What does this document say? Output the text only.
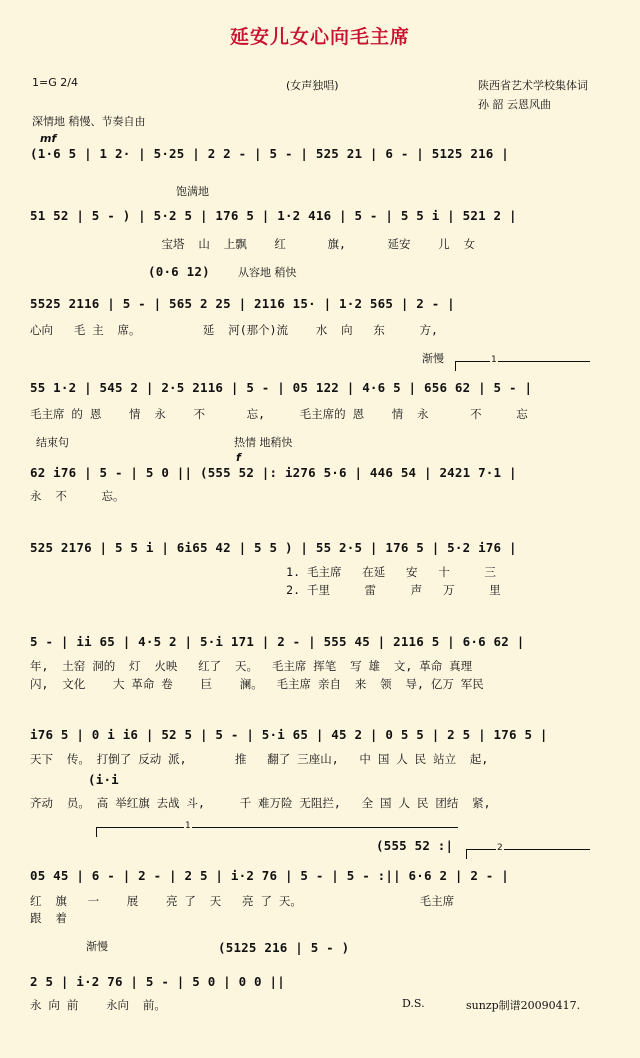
延安儿女心向毛主席
1=G 2/4	(女声独唱)	陕西省艺术学校集体词
孙 韶 云恩风曲
深情地 稍慢、节奏自由
mf
饱满地
从容地 稍快
渐慢
结束句	热情 地稍快
f
渐慢
1
1
2
(1·6 5 | 1 2· | 5·25 | 2 2 - | 5 - | 525 21 | 6 - | 5125 216 |
51 52 | 5 - ) | 5·2 5 | 176 5 | 1·2 416 | 5 - | 5 5 i | 521 2 |
宝塔  山  上飘    红      旗,      延安    儿  女
(0·6 12)
5525 2116 | 5 - | 565 2 25 | 2116 15· | 1·2 565 | 2 - |
心向   毛 主  席。         延  河(那个)流    水  向   东     方,
55 1·2 | 545 2 | 2·5 2116 | 5 - | 05 122 | 4·6 5 | 656 62 | 5 - |
毛主席 的 恩    情  永    不      忘,     毛主席的 恩    情  永      不     忘
62 i76 | 5 - | 5 0 || (555 52 |: i276 5·6 | 446 54 | 2421 7·1 |
永  不     忘。
525 2176 | 5 5 i | 6i65 42 | 5 5 ) | 55 2·5 | 176 5 | 5·2 i76 |
1. 毛主席   在延   安   十     三
2. 千里     雷     声   万     里
5 - | ii 65 | 4·5 2 | 5·i 171 | 2 - | 555 45 | 2116 5 | 6·6 62 |
年,  土窑 洞的  灯  火映   红了  天。  毛主席 挥笔  写 雄  文, 革命 真理
闪,  文化    大 革命 卷    巨    澜。  毛主席 亲自  来  领  导, 亿万 军民
i76 5 | 0 i i6 | 52 5 | 5 - | 5·i 65 | 45 2 | 0 5 5 | 2 5 | 176 5 |
天下  传。 打倒了 反动 派,       推   翻了 三座山,   中 国 人 民 站立  起,
(i·i
齐动  员。 高 举红旗 去战 斗,     千 难万险 无阻拦,   全 国 人 民 团结  紧,
(555 52 :|
05 45 | 6 - | 2 - | 2 5 | i·2 76 | 5 - | 5 - :|| 6·6 2 | 2 - |
红  旗   一    展    亮 了  天   亮 了 天。                 毛主席
跟  着
(5125 216 | 5 - )
2 5 | i·2 76 | 5 - | 5 0 | 0 0 ||
永 向 前    永向  前。	D.S.	sunzp制谱20090417.
